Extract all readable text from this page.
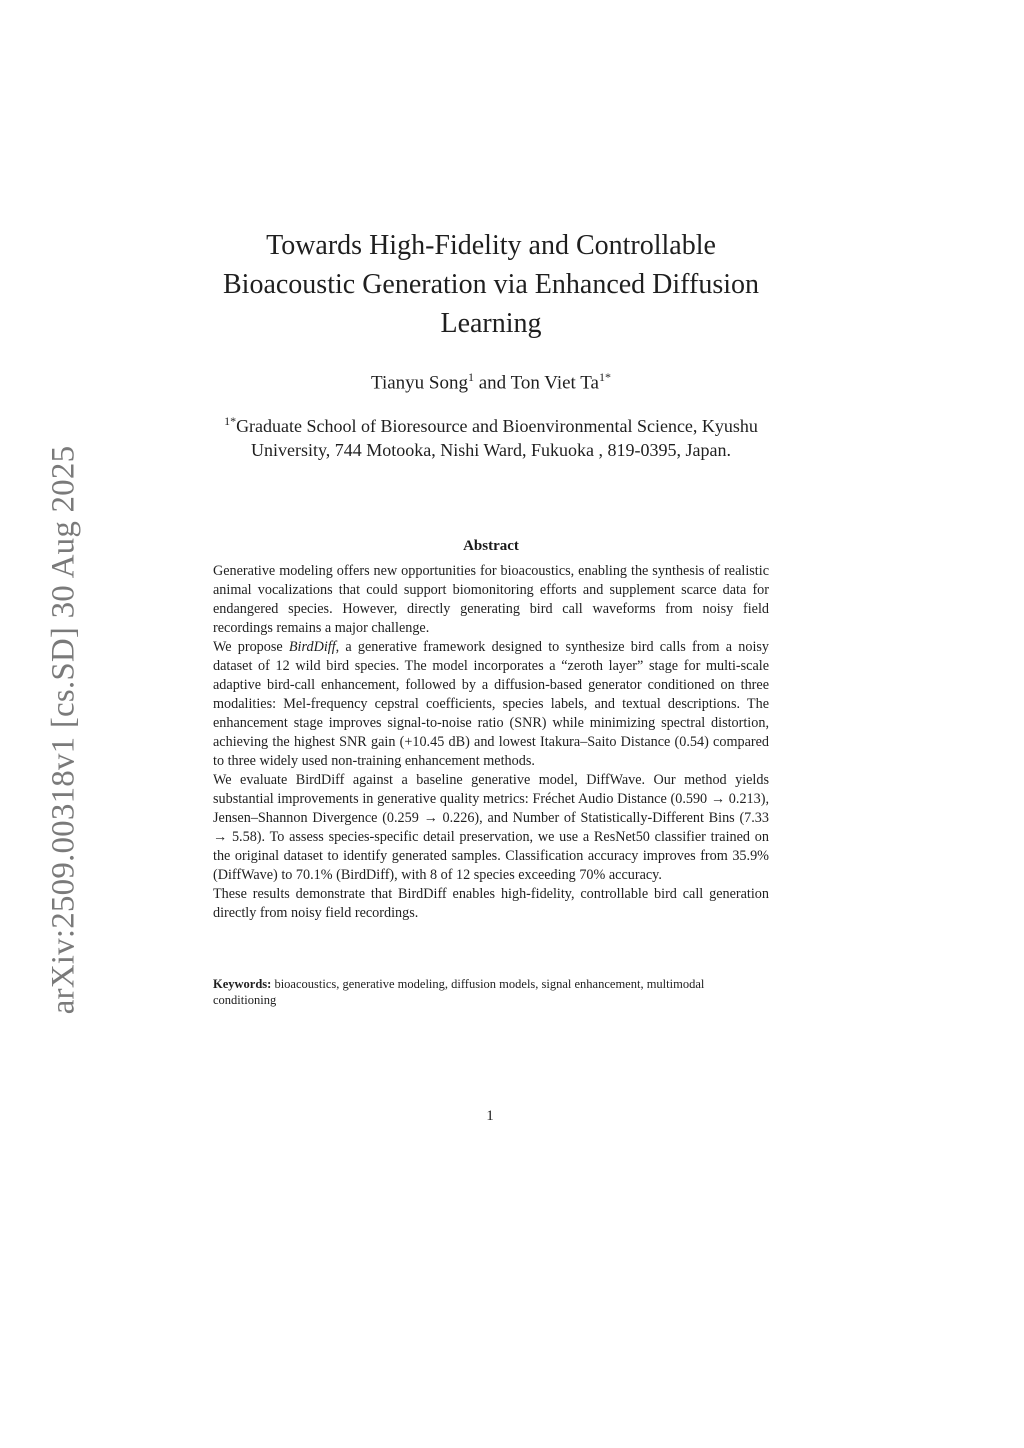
arXiv:2509.00318v1 [cs.SD] 30 Aug 2025
Towards High-Fidelity and Controllable
Bioacoustic Generation via Enhanced Diffusion
Learning
Tianyu Song$^1$ and Ton Viet $Ta^{1*}$
$^{1*}$Graduate School of Bioresource and Bioenvironmental Science, Kyushu
University, 744 Motooka, Nishi Ward, Fukuoka , 819-0395, Japan.
Abstract

Generative modeling offers new opportunities for bioacoustics, enabling the synthesis of realistic animal vocalizations that could support biomonitoring efforts and supplement scarce data for endangered species. However, directly generating bird call waveforms from noisy field recordings remains a major challenge.

We propose BirdDiff, a generative framework designed to synthesize bird calls from a noisy dataset of 12 wild bird species. The model incorporates a “zeroth layer” stage for multi-scale adaptive bird-call enhancement, followed by a diffusion-based generator conditioned on three modalities: Mel-frequency cepstral coefficients, species labels, and textual descriptions. The enhancement stage improves signal-to-noise ratio (SNR) while minimizing spectral distortion, achieving the highest SNR gain (+10.45 dB) and lowest Itakura–Saito Distance (0.54) compared to three widely used non-training enhancement methods.

We evaluate BirdDiff against a baseline generative model, DiffWave. Our method yields substantial improvements in generative quality metrics: Fréchet Audio Distance (0.590 → 0.213), Jensen–Shannon Divergence (0.259 → 0.226), and Number of Statistically-Different Bins (7.33 → 5.58). To assess species-specific detail preservation, we use a ResNet50 classifier trained on the original dataset to identify generated samples. Classification accuracy improves from 35.9% (DiffWave) to 70.1% (BirdDiff), with 8 of 12 species exceeding 70% accuracy.

These results demonstrate that BirdDiff enables high-fidelity, controllable bird call generation directly from noisy field recordings.

Keywords: bioacoustics, generative modeling, diffusion models, signal enhancement, multimodal conditioning
1
